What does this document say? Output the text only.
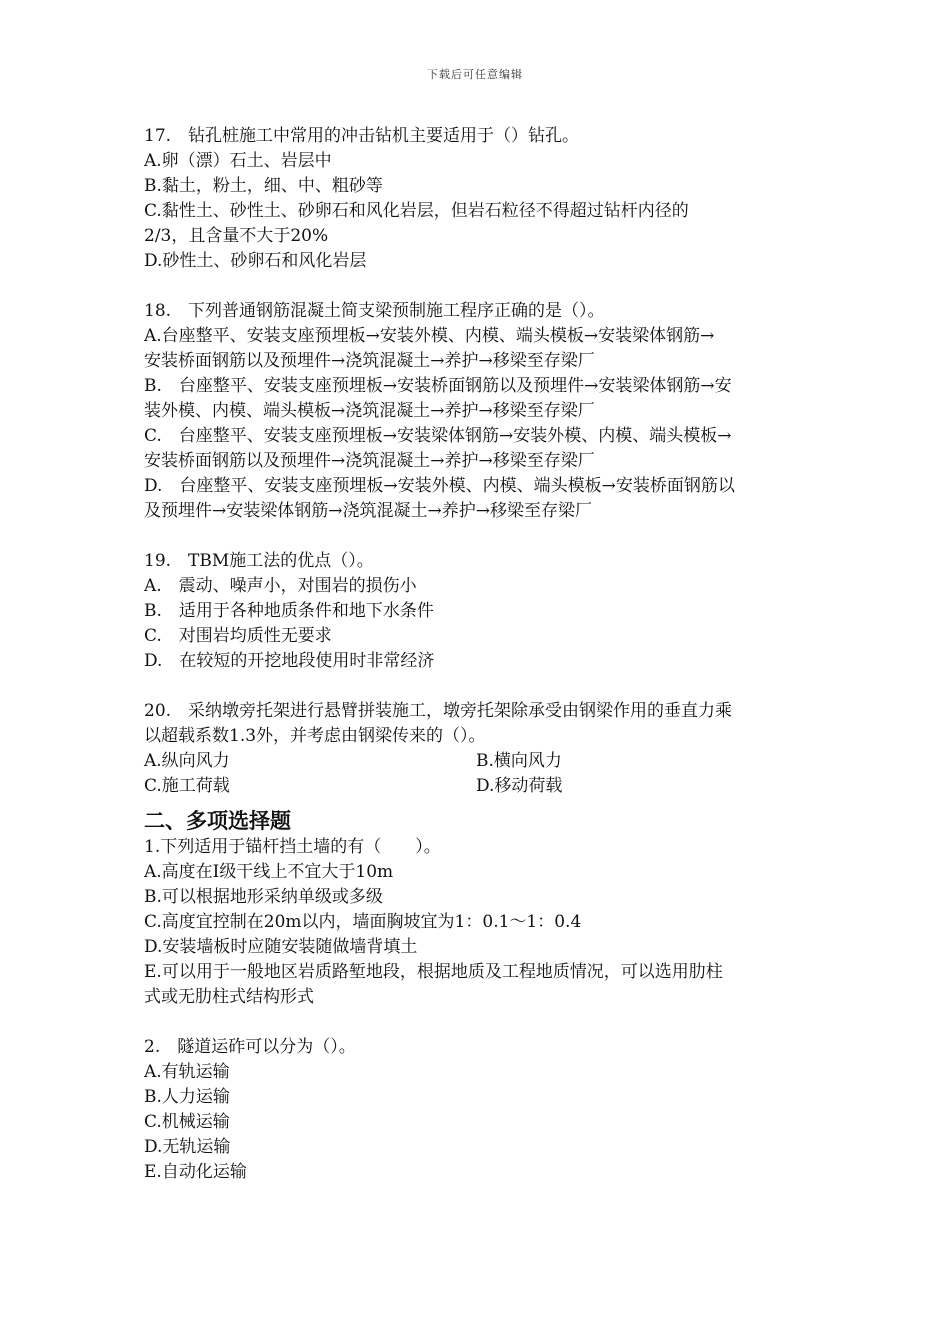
下载后可任意编辑
17.　钻孔桩施工中常用的冲击钻机主要适用于（）钻孔。
A.卵（漂）石土、岩层中
B.黏土，粉土，细、中、粗砂等
C.黏性土、砂性土、砂卵石和风化岩层，但岩石粒径不得超过钻杆内径的
2/3，且含量不大于20%
D.砂性土、砂卵石和风化岩层
18.　下列普通钢筋混凝土简支梁预制施工程序正确的是（）。
A.台座整平、安装支座预埋板→安装外模、内模、端头模板→安装梁体钢筋→
安装桥面钢筋以及预埋件→浇筑混凝土→养护→移梁至存梁厂
B.　台座整平、安装支座预埋板→安装桥面钢筋以及预埋件→安装梁体钢筋→安
装外模、内模、端头模板→浇筑混凝土→养护→移梁至存梁厂
C.　台座整平、安装支座预埋板→安装梁体钢筋→安装外模、内模、端头模板→
安装桥面钢筋以及预埋件→浇筑混凝土→养护→移梁至存梁厂
D.　台座整平、安装支座预埋板→安装外模、内模、端头模板→安装桥面钢筋以
及预埋件→安装梁体钢筋→浇筑混凝土→养护→移梁至存梁厂
19.　TBM施工法的优点（）。
A.　震动、噪声小，对围岩的损伤小
B.　适用于各种地质条件和地下水条件
C.　对围岩均质性无要求
D.　在较短的开挖地段使用时非常经济
20.　采纳墩旁托架进行悬臂拼装施工，墩旁托架除承受由钢梁作用的垂直力乘
以超载系数1.3外，并考虑由钢梁传来的（）。
A.纵向风力	B.横向风力
C.施工荷载	D.移动荷载
二、多项选择题
1.下列适用于锚杆挡土墙的有（　　）。
A.高度在Ⅰ级干线上不宜大于10m
B.可以根据地形采纳单级或多级
C.高度宜控制在20m以内，墙面胸坡宜为1：0.1～1：0.4
D.安装墙板时应随安装随做墙背填土
E.可以用于一般地区岩质路堑地段，根据地质及工程地质情况，可以选用肋柱
式或无肋柱式结构形式
2.　隧道运砟可以分为（）。
A.有轨运输
B.人力运输
C.机械运输
D.无轨运输
E.自动化运输
